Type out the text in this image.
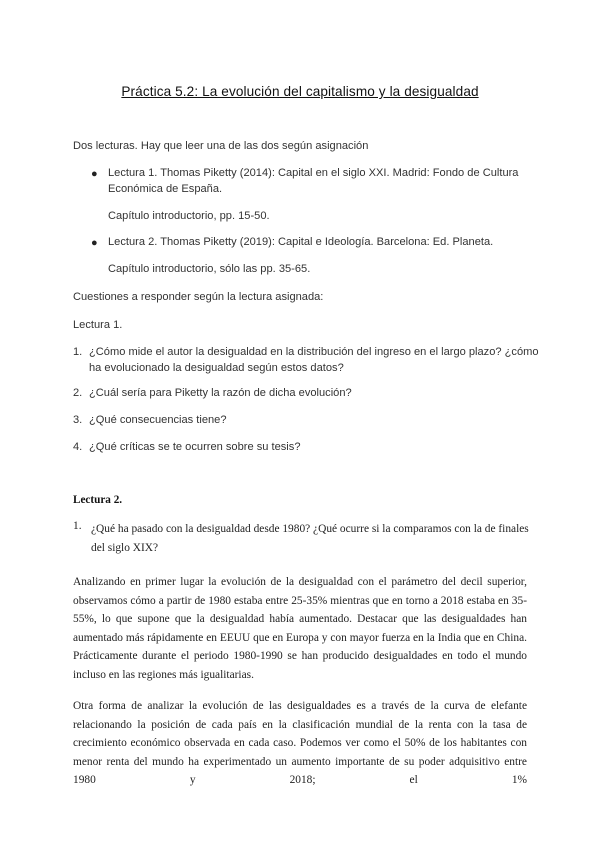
Práctica 5.2: La evolución del capitalismo y la desigualdad
Dos lecturas. Hay que leer una de las dos según asignación
● Lectura 1. Thomas Piketty (2014): Capital en el siglo XXI. Madrid: Fondo de Cultura Económica de España.
Capítulo introductorio, pp. 15-50.
● Lectura 2. Thomas Piketty (2019): Capital e Ideología. Barcelona: Ed. Planeta.
Capítulo introductorio, sólo las pp. 35-65.
Cuestiones a responder según la lectura asignada:
Lectura 1.
1. ¿Cómo mide el autor la desigualdad en la distribución del ingreso en el largo plazo? ¿cómo ha evolucionado la desigualdad según estos datos?
2. ¿Cuál sería para Piketty la razón de dicha evolución?
3. ¿Qué consecuencias tiene?
4. ¿Qué críticas se te ocurren sobre su tesis?
Lectura 2.
1. ¿Qué ha pasado con la desigualdad desde 1980? ¿Qué ocurre si la comparamos con la de finales del siglo XIX?
Analizando en primer lugar la evolución de la desigualdad con el parámetro del decil superior, observamos cómo a partir de 1980 estaba entre 25-35% mientras que en torno a 2018 estaba en 35-55%, lo que supone que la desigualdad había aumentado. Destacar que las desigualdades han aumentado más rápidamente en EEUU que en Europa y con mayor fuerza en la India que en China. Prácticamente durante el periodo 1980-1990 se han producido desigualdades en todo el mundo incluso en las regiones más igualitarias.
Otra forma de analizar la evolución de las desigualdades es a través de la curva de elefante relacionando la posición de cada país en la clasificación mundial de la renta con la tasa de crecimiento económico observada en cada caso. Podemos ver como el 50% de los habitantes con menor renta del mundo ha experimentado un aumento importante de su poder adquisitivo entre 1980 y 2018; el 1%
